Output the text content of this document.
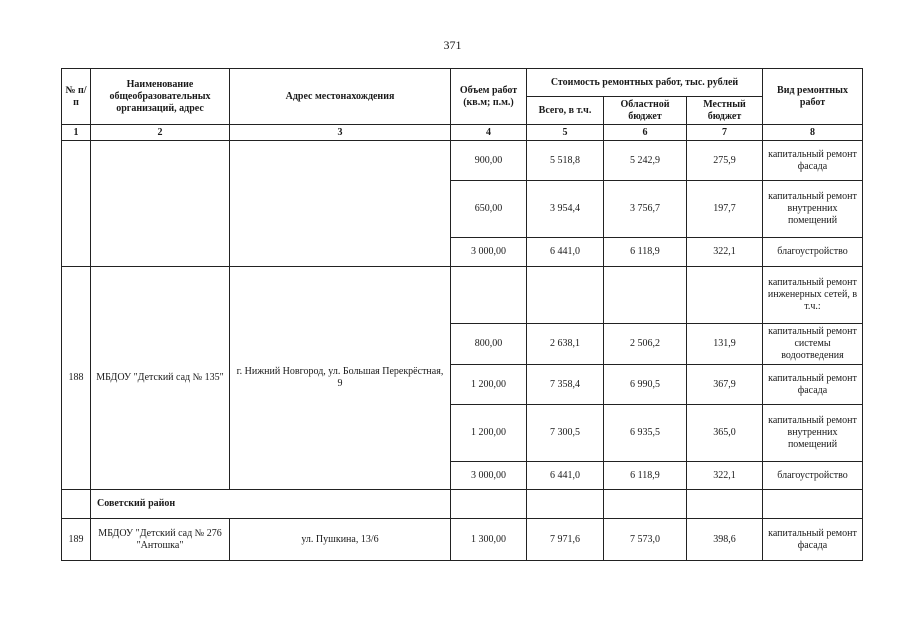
371
№ п/п	Наименование общеобразовательных организаций, адрес	Адрес местонахождения	Объем работ (кв.м; п.м.)	Стоимость ремонтных работ, тыс. рублей			Вид ремонтных работ
				Всего, в т.ч.	Областной бюджет	Местный бюджет	
1	2	3	4	5	6	7	8
			900,00	5 518,8	5 242,9	275,9	капитальный ремонт фасада
			650,00	3 954,4	3 756,7	197,7	капитальный ремонт внутренних помещений
			3 000,00	6 441,0	6 118,9	322,1	благоустройство
188	МБДОУ "Детский сад № 135"	г. Нижний Новгород, ул. Большая Перекрёстная, 9					капитальный ремонт инженерных сетей, в т.ч.:
			800,00	2 638,1	2 506,2	131,9	капитальный ремонт системы водоотведения
			1 200,00	7 358,4	6 990,5	367,9	капитальный ремонт фасада
			1 200,00	7 300,5	6 935,5	365,0	капитальный ремонт внутренних помещений
			3 000,00	6 441,0	6 118,9	322,1	благоустройство
	Советский район						
189	МБДОУ "Детский сад № 276 "Антошка"	ул. Пушкина, 13/6	1 300,00	7 971,6	7 573,0	398,6	капитальный ремонт фасада
